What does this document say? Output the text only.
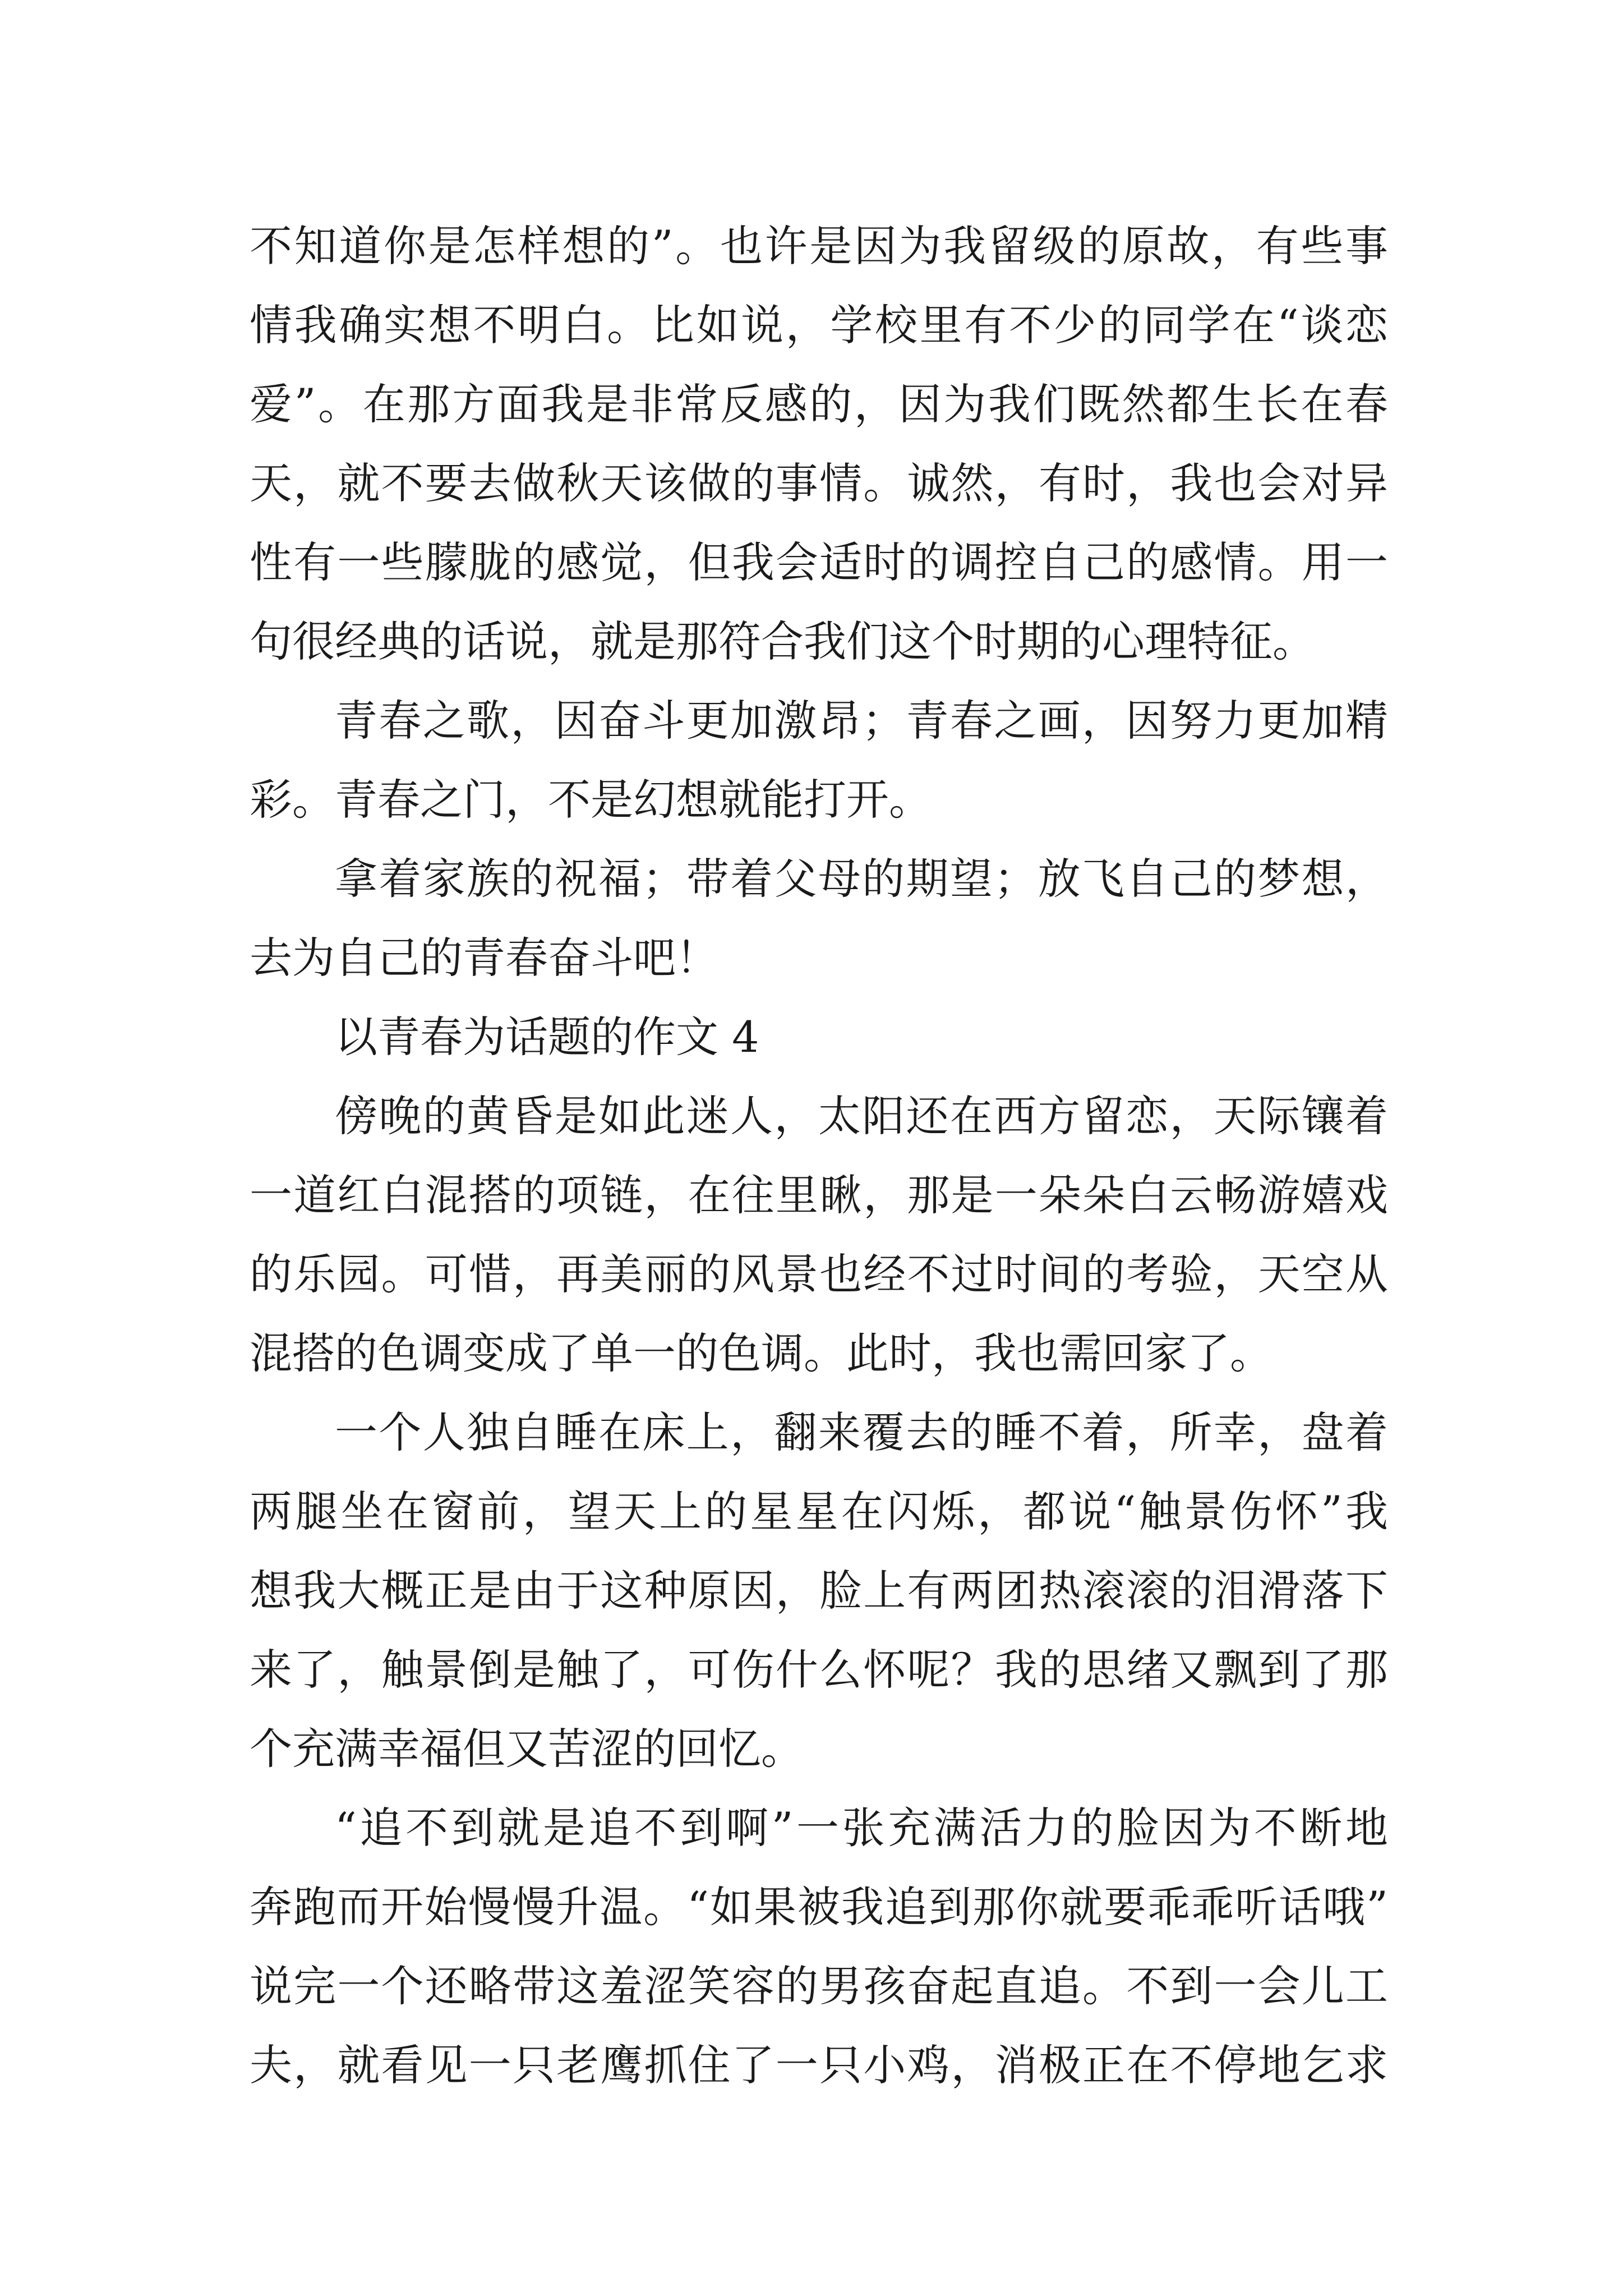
不知道你是怎样想的”。也许是因为我留级的原故，有些事
情我确实想不明白。比如说，学校里有不少的同学在“谈恋
爱”。在那方面我是非常反感的，因为我们既然都生长在春
天，就不要去做秋天该做的事情。诚然，有时，我也会对异
性有一些朦胧的感觉，但我会适时的调控自己的感情。用一
句很经典的话说，就是那符合我们这个时期的心理特征。
青春之歌，因奋斗更加激昂；青春之画，因努力更加精
彩。青春之门，不是幻想就能打开。
拿着家族的祝福；带着父母的期望；放飞自己的梦想，
去为自己的青春奋斗吧！
以青春为话题的作文 4
傍晚的黄昏是如此迷人，太阳还在西方留恋，天际镶着
一道红白混搭的项链，在往里瞅，那是一朵朵白云畅游嬉戏
的乐园。可惜，再美丽的风景也经不过时间的考验，天空从
混搭的色调变成了单一的色调。此时，我也需回家了。
一个人独自睡在床上，翻来覆去的睡不着，所幸，盘着
两腿坐在窗前，望天上的星星在闪烁，都说“触景伤怀”我
想我大概正是由于这种原因，脸上有两团热滚滚的泪滑落下
来了，触景倒是触了，可伤什么怀呢？我的思绪又飘到了那
个充满幸福但又苦涩的回忆。
“追不到就是追不到啊”一张充满活力的脸因为不断地
奔跑而开始慢慢升温。“如果被我追到那你就要乖乖听话哦”
说完一个还略带这羞涩笑容的男孩奋起直追。不到一会儿工
夫，就看见一只老鹰抓住了一只小鸡，消极正在不停地乞求
